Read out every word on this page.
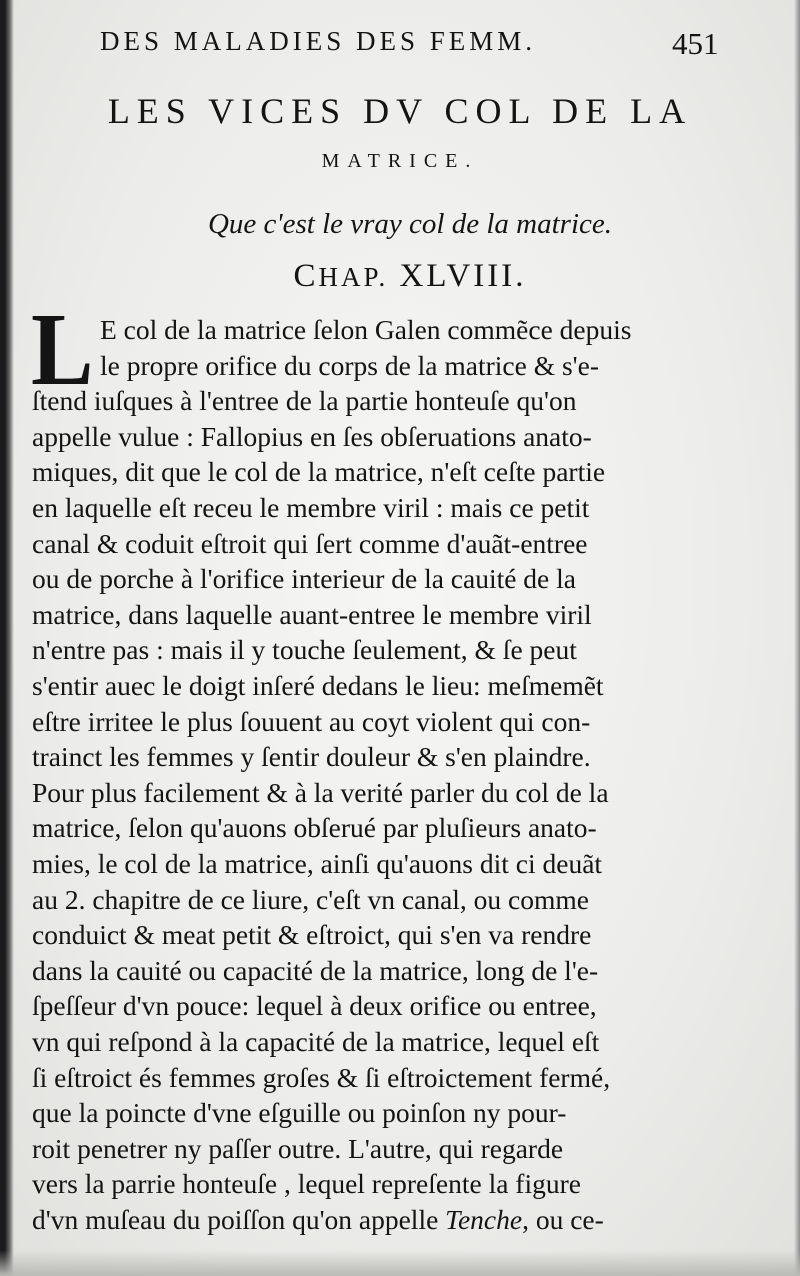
DES MALADIES DES FEMM.	451
LES VICES DV COL DE LA
MATRICE.
Que c'est le vray col de la matrice.
CHAP. XLVIII.
L E col de la matrice ſelon Galen commẽce depuis
le propre orifice du corps de la matrice & s'e-
ſtend iuſques à l'entree de la partie honteuſe qu'on
appelle vulue : Fallopius en ſes obſeruations anato-
miques, dit que le col de la matrice, n'eſt ceſte partie
en laquelle eſt receu le membre viril : mais ce petit
canal & coduit eſtroit qui ſert comme d'auãt-entree
ou de porche à l'orifice interieur de la cauité de la
matrice, dans laquelle auant-entree le membre viril
n'entre pas : mais il y touche ſeulement, & ſe peut
s'entir auec le doigt inſeré dedans le lieu: meſmemẽt
eſtre irritee le plus ſouuent au coyt violent qui con-
trainct les femmes y ſentir douleur & s'en plaindre.
Pour plus facilement & à la verité parler du col de la
matrice, ſelon qu'auons obſerué par pluſieurs anato-
mies, le col de la matrice, ainſi qu'auons dit ci deuãt
au 2. chapitre de ce liure, c'eſt vn canal, ou comme
conduict & meat petit & eſtroict, qui s'en va rendre
dans la cauité ou capacité de la matrice, long de l'e-
ſpeſſeur d'vn pouce: lequel à deux orifice ou entree,
vn qui reſpond à la capacité de la matrice, lequel eſt
ſi eſtroict és femmes groſes & ſi eſtroictement fermé,
que la poincte d'vne eſguille ou poinſon ny pour-
roit penetrer ny paſſer outre. L'autre, qui regarde
vers la parrie honteuſe , lequel repreſente la figure
d'vn muſeau du poiſſon qu'on appelle Tenche, ou ce-
